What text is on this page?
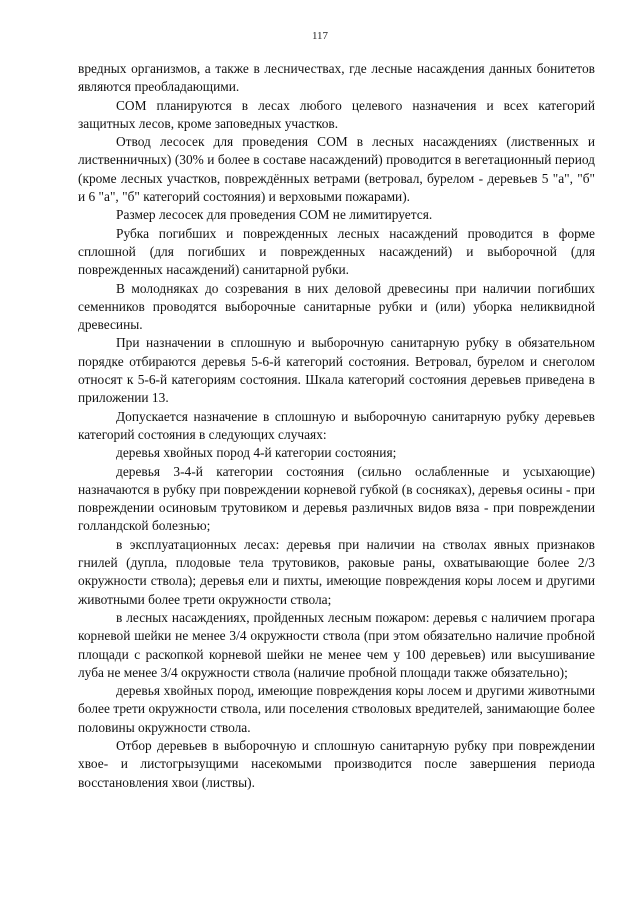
117

вредных организмов, а также в лесничествах, где лесные насаждения данных бонитетов являются преобладающими.

СОМ планируются в лесах любого целевого назначения и всех категорий защитных лесов, кроме заповедных участков.

Отвод лесосек для проведения СОМ в лесных насаждениях (лиственных и лиственничных) (30% и более в составе насаждений) проводится в вегетационный период (кроме лесных участков, повреждённых ветрами (ветровал, бурелом - деревьев 5 "а", "б" и 6 "а", "б" категорий состояния) и верховыми пожарами).

Размер лесосек для проведения СОМ не лимитируется.

Рубка погибших и поврежденных лесных насаждений проводится в форме сплошной (для погибших и поврежденных насаждений) и выборочной (для поврежденных насаждений) санитарной рубки.

В молодняках до созревания в них деловой древесины при наличии погибших семенников проводятся выборочные санитарные рубки и (или) уборка неликвидной древесины.

При назначении в сплошную и выборочную санитарную рубку в обязательном порядке отбираются деревья 5-6-й категорий состояния. Ветровал, бурелом и снеголом относят к 5-6-й категориям состояния. Шкала категорий состояния деревьев приведена в приложении 13.

Допускается назначение в сплошную и выборочную санитарную рубку деревьев категорий состояния в следующих случаях:

деревья хвойных пород 4-й категории состояния;

деревья 3-4-й категории состояния (сильно ослабленные и усыхающие) назначаются в рубку при повреждении корневой губкой (в сосняках), деревья осины - при повреждении осиновым трутовиком и деревья различных видов вяза - при повреждении голландской болезнью;

в эксплуатационных лесах: деревья при наличии на стволах явных признаков гнилей (дупла, плодовые тела трутовиков, раковые раны, охватывающие более 2/3 окружности ствола); деревья ели и пихты, имеющие повреждения коры лосем и другими животными более трети окружности ствола;

в лесных насаждениях, пройденных лесным пожаром: деревья с наличием прогара корневой шейки не менее 3/4 окружности ствола (при этом обязательно наличие пробной площади с раскопкой корневой шейки не менее чем у 100 деревьев) или высушивание луба не менее 3/4 окружности ствола (наличие пробной площади также обязательно);

деревья хвойных пород, имеющие повреждения коры лосем и другими животными более трети окружности ствола, или поселения стволовых вредителей, занимающие более половины окружности ствола.

Отбор деревьев в выборочную и сплошную санитарную рубку при повреждении хвое- и листогрызущими насекомыми производится после завершения периода восстановления хвои (листвы).
